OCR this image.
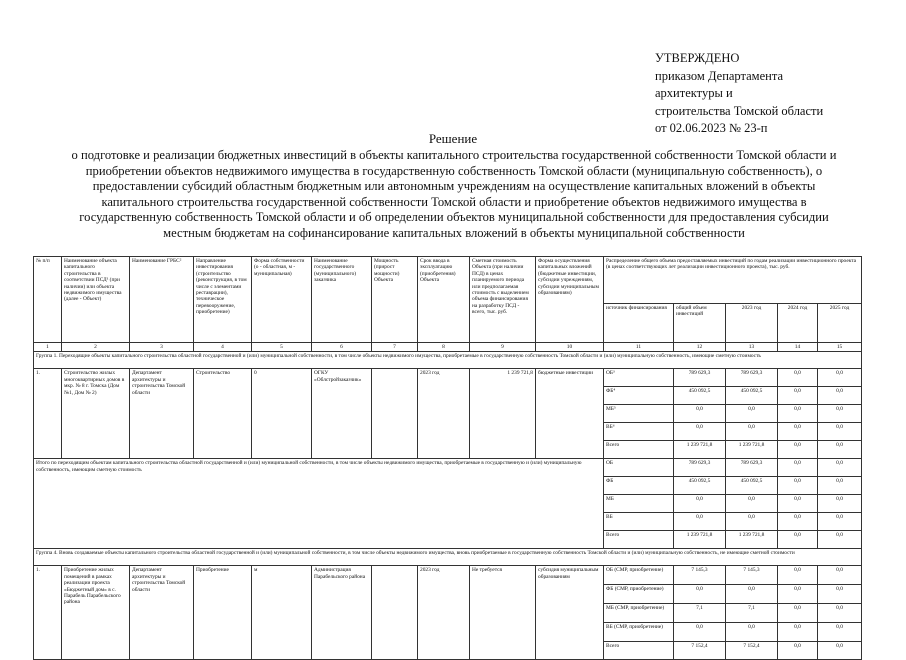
УТВЕРЖДЕНО
приказом Департамента
архитектуры и
строительства Томской области
от 02.06.2023 № 23-п
Решение
о подготовке и реализации бюджетных инвестиций в объекты капитального строительства государственной собственности Томской области и приобретении объектов недвижимого имущества в государственную собственность Томской области (муниципальную собственность), о предоставлении субсидий областным бюджетным или автономным учреждениям на осуществление капитальных вложений в объекты капитального строительства государственной собственности Томской области и приобретение объектов недвижимого имущества в государственную собственность Томской области и об определении объектов муниципальной собственности для предоставления субсидии местным бюджетам на софинансирование капитальных вложений в объекты муниципальной собственности
№ п/п	Наименование объекта капитального строительства в соответствии ПСД¹ (при наличии) или объекта недвижимого имущества (далее - Объект)	Наименование ГРБС²	Направление инвестирования (строительство (реконструкция, в том числе с элементами реставрации), техническое перевооружение, приобретение)	Форма собственности (о - областная, м - муниципальная)	Наименование государственного (муниципального) заказчика	Мощность (прирост мощности) Объекта	Срок ввода в эксплуатацию (приобретения) Объекта	Сметная стоимость Объекта (при наличии ПСД) в ценах планируемого периода или предполагаемая стоимость с выделением объема финансирования на разработку ПСД - всего, тыс. руб.	Форма осуществления капитальных вложений (бюджетные инвестиции, субсидии учреждениям, субсидии муниципальным образованиям)	Распределение общего объема предоставляемых инвестиций по годам реализации инвестиционного проекта (в ценах соответствующих лет реализации инвестиционного проекта), тыс. руб.				
										источник финансирования	общий объем инвестиций	2023 год	2024 год	2025 год
1	2	3	4	5	6	7	8	9	10	11	12	13	14	15
Группа 1. Переходящие объекты капитального строительства областной государственной и (или) муниципальной собственности, в том числе объекты недвижимого имущества, приобретаемые в государственную собственность Томской области и (или) муниципальную собственность, имеющие сметную стоимость														
1.	Строительство жилых многоквартирных домов в мкр. № 8 г. Томска (Дом №1, Дом № 2)	Департамент архитектуры и строительства Томской области	Строительство	0	ОГКУ «Облстройзаказчик»		2023 год	1 239 721,8	бюджетные инвестиции	ОБ³	789 629,3	789 629,3	0,0	0,0
										ФБ⁴	450 092,5	450 092,5	0,0	0,0
										МБ⁵	0,0	0,0	0,0	0,0
										ВБ⁶	0,0	0,0	0,0	0,0
										Всего	1 239 721,8	1 239 721,8	0,0	0,0
Итого по переходящим объектам капитального строительства областной государственной и (или) муниципальной собственности, в том числе объекты недвижимого имущества, приобретаемые в государственную и (или) муниципальную собственность, имеющим сметную стоимость										ОБ	789 629,3	789 629,3	0,0	0,0
										ФБ	450 092,5	450 092,5	0,0	0,0
										МБ	0,0	0,0	0,0	0,0
										ВБ	0,0	0,0	0,0	0,0
										Всего	1 239 721,8	1 239 721,8	0,0	0,0
Группа 4. Вновь создаваемые объекты капитального строительства областной государственной и (или) муниципальной собственности, в том числе объекты недвижимого имущества, вновь приобретаемые в государственную собственность Томской области и (или) муниципальную собственность, не имеющие сметной стоимости														
1.	Приобретение жилых помещений в рамках реализации проекта «Бюджетный дом» в с. Парабель Парабельского района	Департамент архитектуры и строительства Томской области	Приобретение	м	Администрация Парабельского района		2023 год	Не требуется	субсидия муниципальным образованиям	ОБ (СМР, приобретение)	7 145,3	7 145,3	0,0	0,0
										ФБ (СМР, приобретение)	0,0	0,0	0,0	0,0
										МБ (СМР, приобретение)	7,1	7,1	0,0	0,0
										ВБ (СМР, приобретение)	0,0	0,0	0,0	0,0
										Всего	7 152,4	7 152,4	0,0	0,0
